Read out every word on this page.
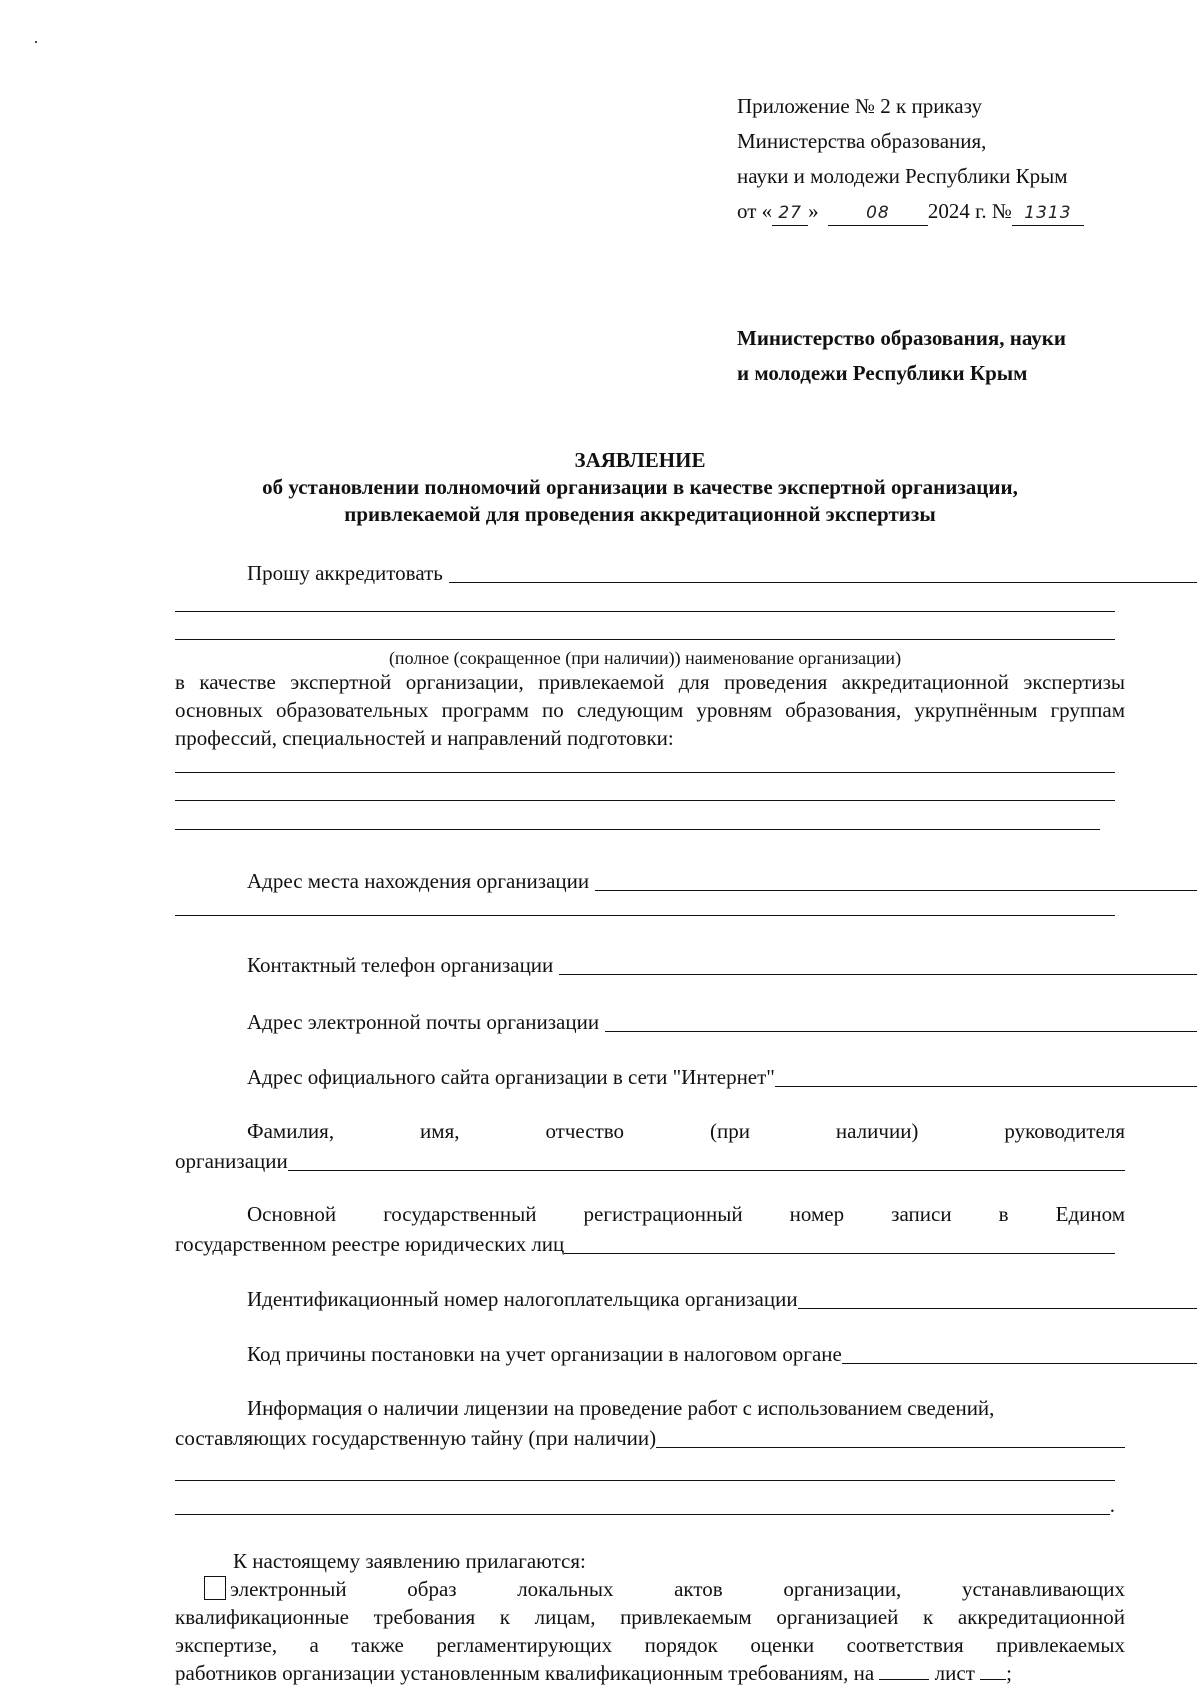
Приложение № 2 к приказу
Министерства образования,
науки и молодежи Республики Крым
от « 27 »	08 2024 г. № 1313
Министерство образования, науки
и молодежи Республики Крым
ЗАЯВЛЕНИЕ
об установлении полномочий организации в качестве экспертной организации,
привлекаемой для проведения аккредитационной экспертизы
Прошу аккредитовать
(полное (сокращенное (при наличии)) наименование организации)
в качестве экспертной организации, привлекаемой для проведения аккредитационной экспертизы основных образовательных программ по следующим уровням образования, укрупнённым группам профессий, специальностей и направлений подготовки:
Адрес места нахождения организации
Контактный телефон организации
Адрес электронной почты организации
Адрес официального сайта организации в сети "Интернет"
Фамилия, имя, отчество (при наличии) руководителя
организации
Основной государственный регистрационный номер записи в Едином
государственном реестре юридических лиц
Идентификационный номер налогоплательщика организации
Код причины постановки на учет организации в налоговом органе
Информация о наличии лицензии на проведение работ с использованием сведений,
составляющих государственную тайну (при наличии)
.
К настоящему заявлению прилагаются:
электронный образ локальных актов организации, устанавливающих
квалификационные требования к лицам, привлекаемым организацией к аккредитационной
экспертизе, а также регламентирующих порядок оценки соответствия привлекаемых
работников организации установленным квалификационным требованиям, на	лист ;
